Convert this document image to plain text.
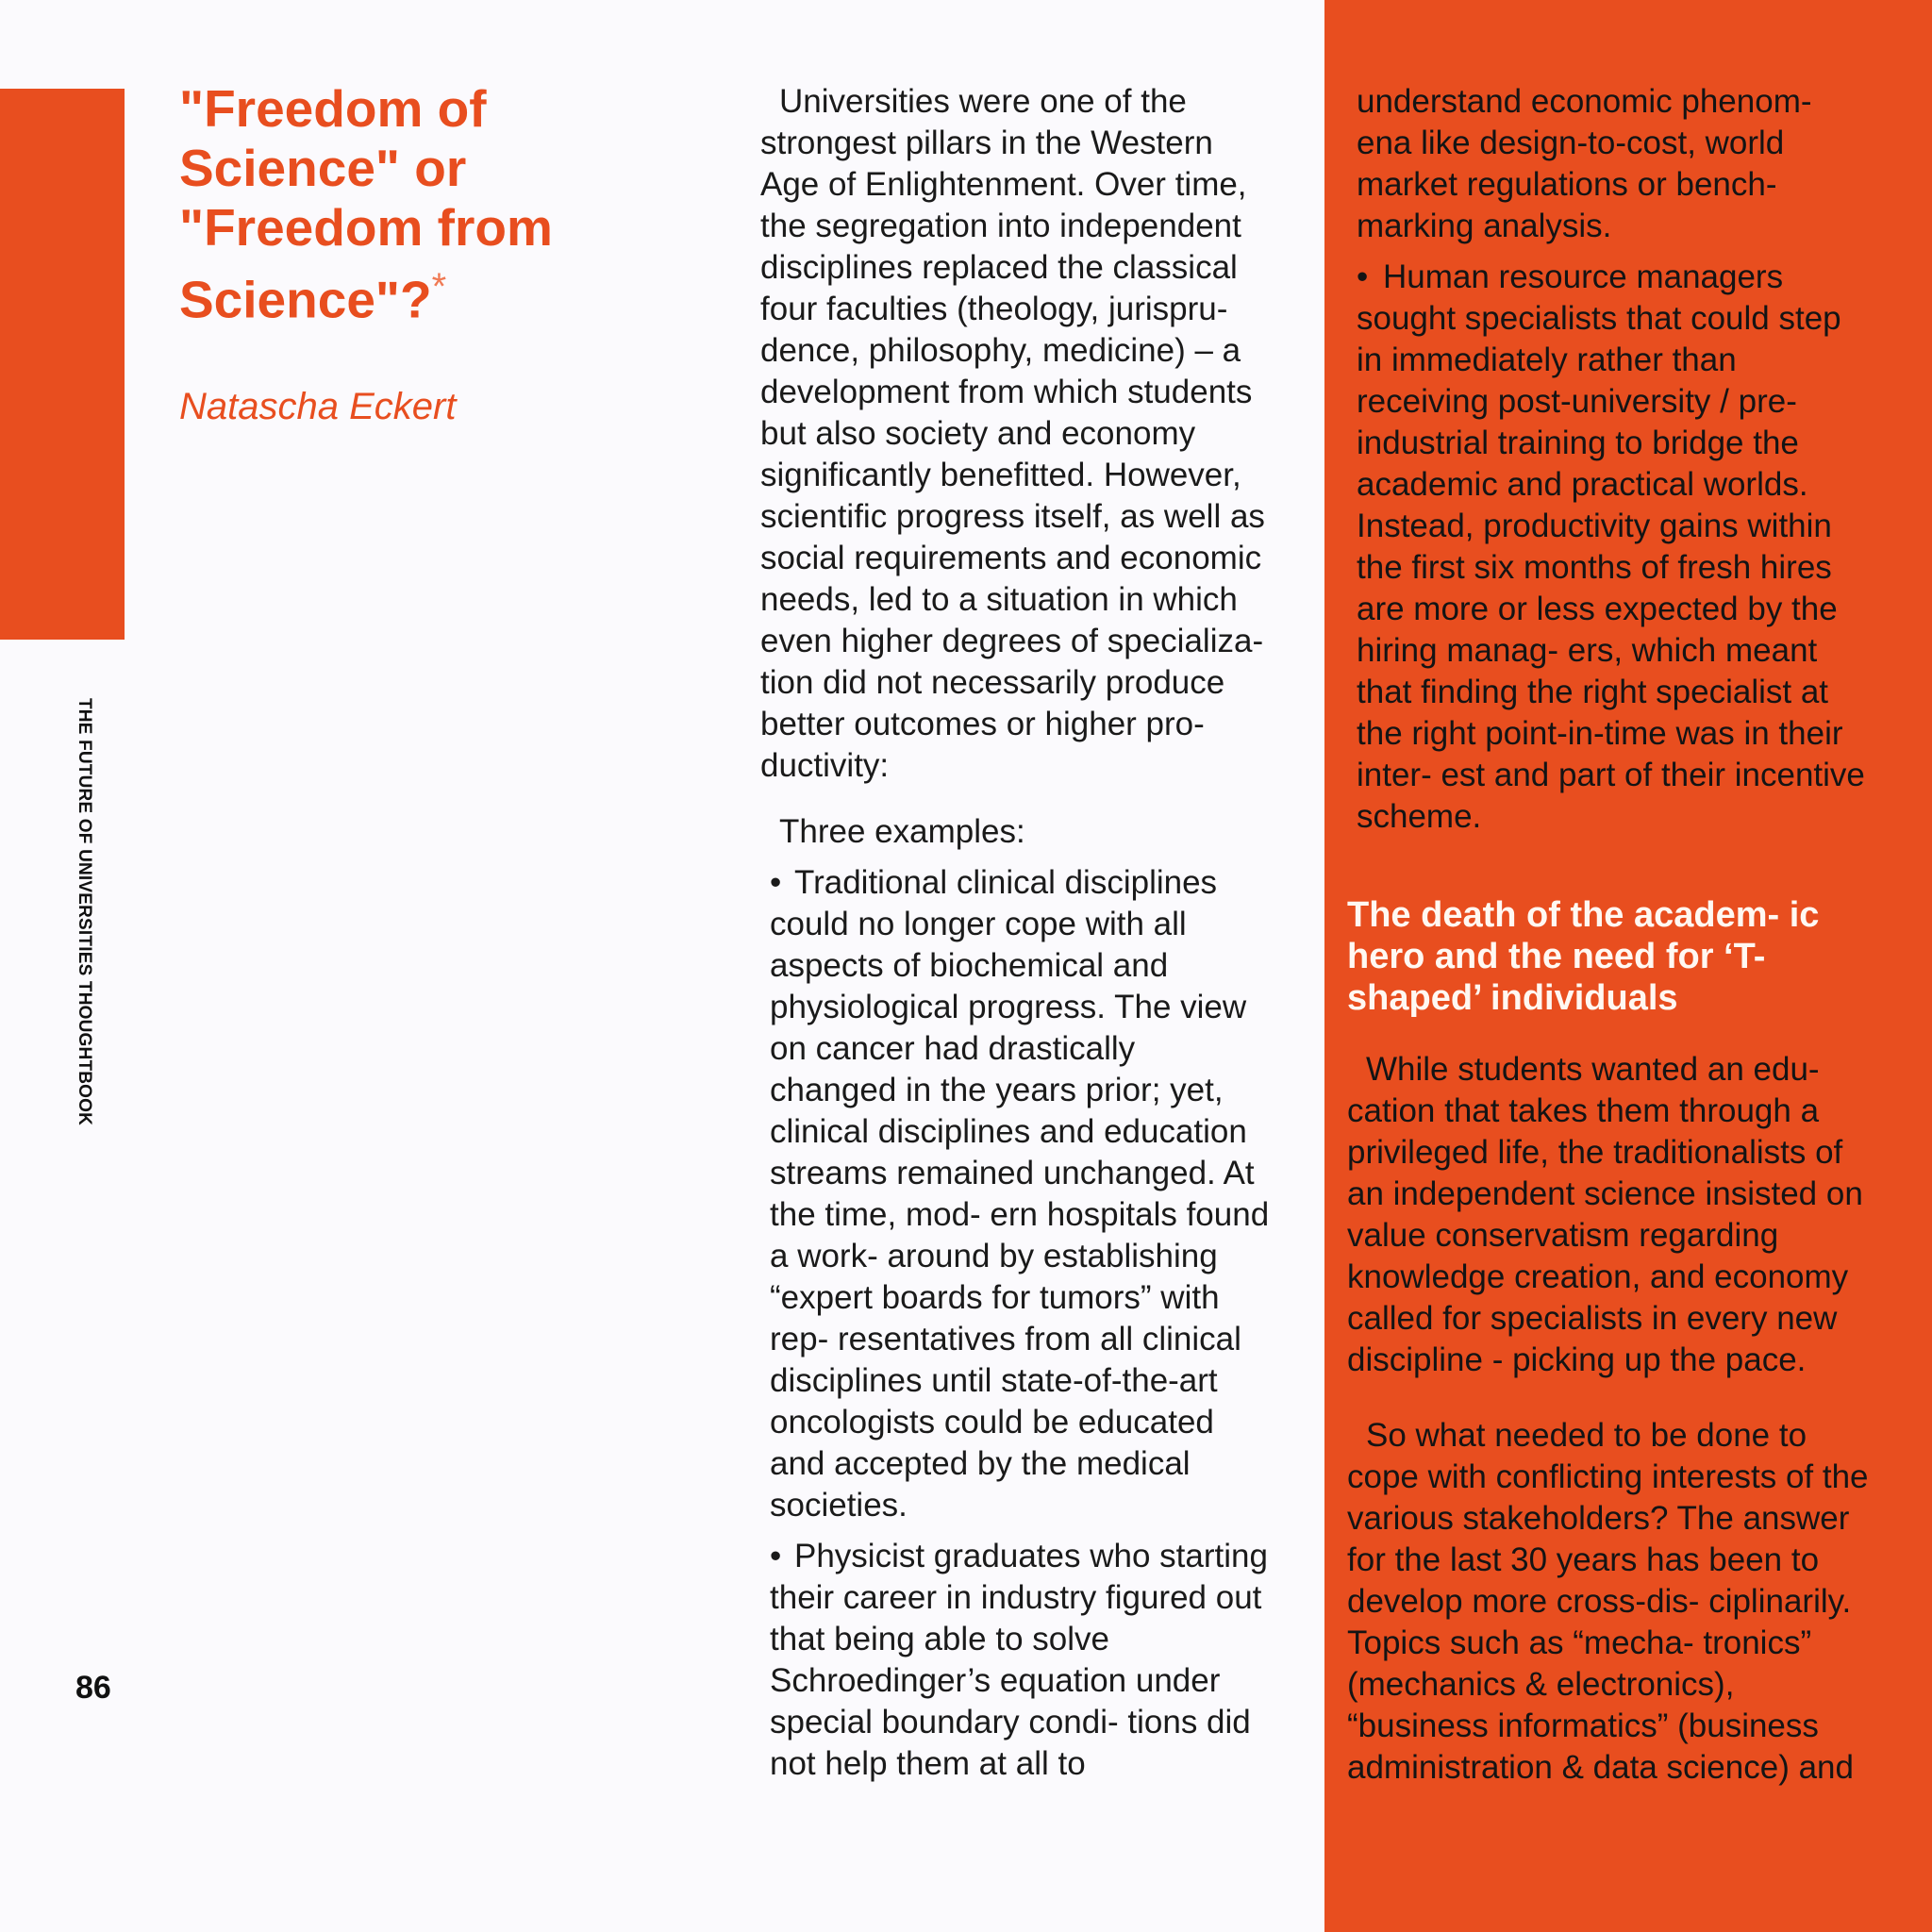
THE FUTURE OF UNIVERSITIES THOUGHTBOOK
86
"Freedom of Science" or "Freedom from Science"?*
Natascha Eckert

Universities were one of the strongest pillars in the Western Age of Enlightenment. Over time, the segregation into independent disciplines replaced the classical four faculties (theology, jurispru- dence, philosophy, medicine) – a development from which students but also society and economy significantly benefitted. However, scientific progress itself, as well as social requirements and economic needs, led to a situation in which even higher degrees of specializa- tion did not necessarily produce better outcomes or higher pro- ductivity:

Three examples:

• Traditional clinical disciplines could no longer cope with all aspects of biochemical and physiological progress. The view on cancer had drastically changed in the years prior; yet, clinical disciplines and education streams remained unchanged. At the time, mod- ern hospitals found a work- around by establishing “expert boards for tumors” with rep- resentatives from all clinical disciplines until state-of-the-art oncologists could be educated and accepted by the medical societies.

• Physicist graduates who starting their career in industry figured out that being able to solve Schroedinger’s equation under special boundary condi- tions did not help them at all to

understand economic phenom- ena like design-to-cost, world market regulations or bench- marking analysis.

• Human resource managers sought specialists that could step in immediately rather than receiving post-university / pre-industrial training to bridge the academic and practical worlds. Instead, productivity gains within the first six months of fresh hires are more or less expected by the hiring manag- ers, which meant that finding the right specialist at the right point-in-time was in their inter- est and part of their incentive scheme.

The death of the academ- ic hero and the need for ‘T-shaped’ individuals

While students wanted an edu- cation that takes them through a privileged life, the traditionalists of an independent science insisted on value conservatism regarding knowledge creation, and economy called for specialists in every new discipline - picking up the pace.

So what needed to be done to cope with conflicting interests of the various stakeholders? The answer for the last 30 years has been to develop more cross-dis- ciplinarily. Topics such as “mecha- tronics” (mechanics & electronics), “business informatics” (business administration & data science) and
